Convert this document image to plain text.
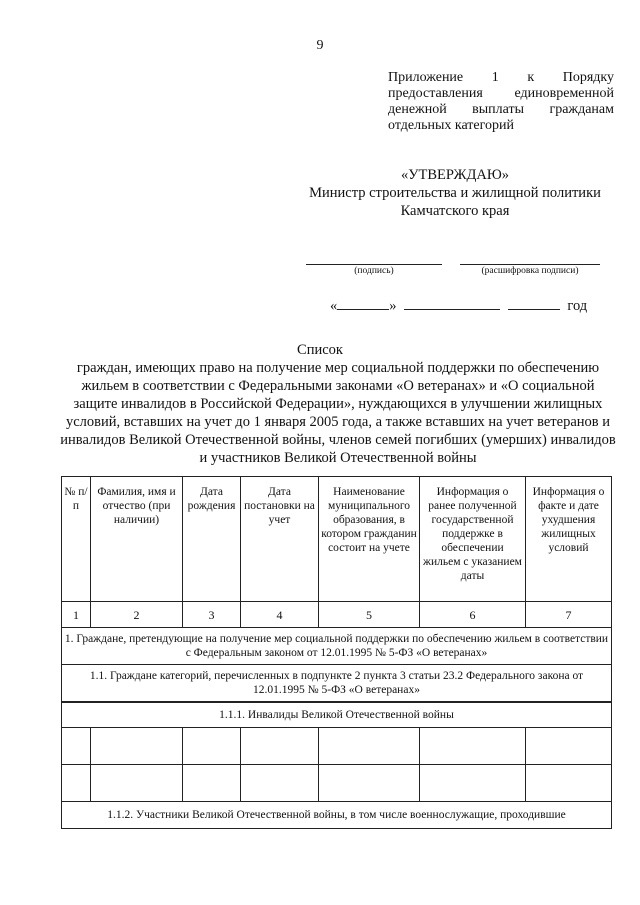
9
Приложение 1 к Порядку
предоставления единовременной
денежной выплаты гражданам
отдельных категорий
«УТВЕРЖДАЮ»
Министр строительства и жилищной политики
Камчатского края
(подпись)	(расшифровка подписи)
«	»	год
Список
граждан, имеющих право на получение мер социальной поддержки по обеспечению жильем в соответствии с Федеральными законами «О ветеранах» и «О социальной защите инвалидов в Российской Федерации», нуждающихся в улучшении жилищных условий, вставших на учет до 1 января 2005 года, а также вставших на учет ветеранов и инвалидов Великой Отечественной войны, членов семей погибших (умерших) инвалидов и участников Великой Отечественной войны
№ п/п	Фамилия, имя и отчество (при наличии)	Дата рождения	Дата постановки на учет	Наименование муниципального образования, в котором гражданин состоит на учете	Информация о ранее полученной государственной поддержке в обеспечении жильем с указанием даты	Информация о факте и дате ухудшения жилищных условий
1	2	3	4	5	6	7
1. Граждане, претендующие на получение мер социальной поддержки по обеспечению жильем в соответствии с Федеральным законом от 12.01.1995 № 5-ФЗ «О ветеранах»						
1.1. Граждане категорий, перечисленных в подпункте 2 пункта 3 статьи 23.2 Федерального закона от 12.01.1995 № 5-ФЗ «О ветеранах»						
1.1.1. Инвалиды Великой Отечественной войны						

1.1.2. Участники Великой Отечественной войны, в том числе военнослужащие, проходившие						
